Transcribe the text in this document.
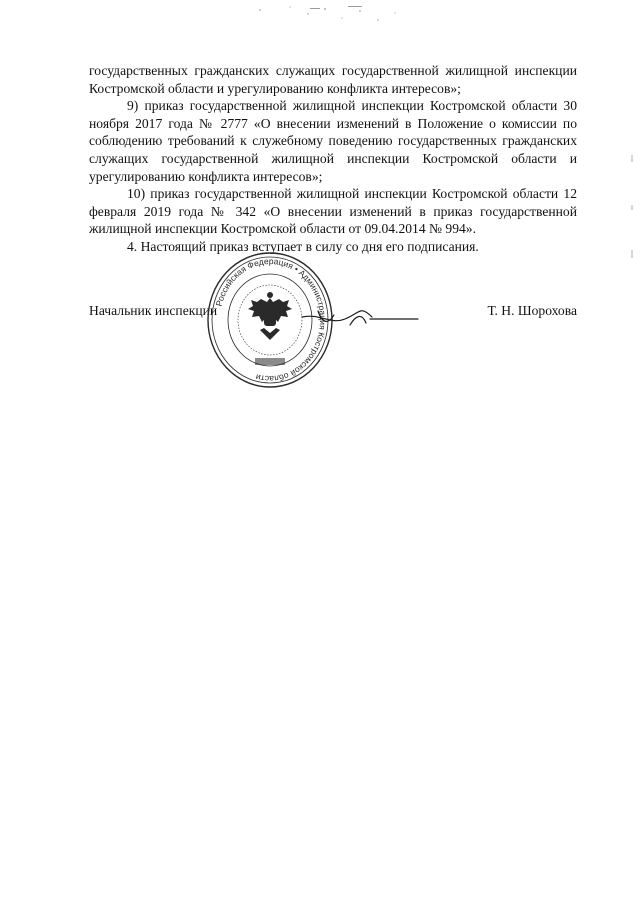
государственных гражданских служащих государственной жилищной инспекции Костромской области и урегулированию конфликта интересов»;

9) приказ государственной жилищной инспекции Костромской области 30 ноября 2017 года № 2777 «О внесении изменений в Положение о комиссии по соблюдению требований к служебному поведению государственных гражданских служащих государственной жилищной инспекции Костромской области и урегулированию конфликта интересов»;

10) приказ государственной жилищной инспекции Костромской области 12 февраля 2019 года № 342 «О внесении изменений в приказ государственной жилищной инспекции Костромской области от 09.04.2014 № 994».

4. Настоящий приказ вступает в силу со дня его подписания.

Начальник инспекции	Т. Н. Шорохова
Российская Федерация • Администрация Костромской области
